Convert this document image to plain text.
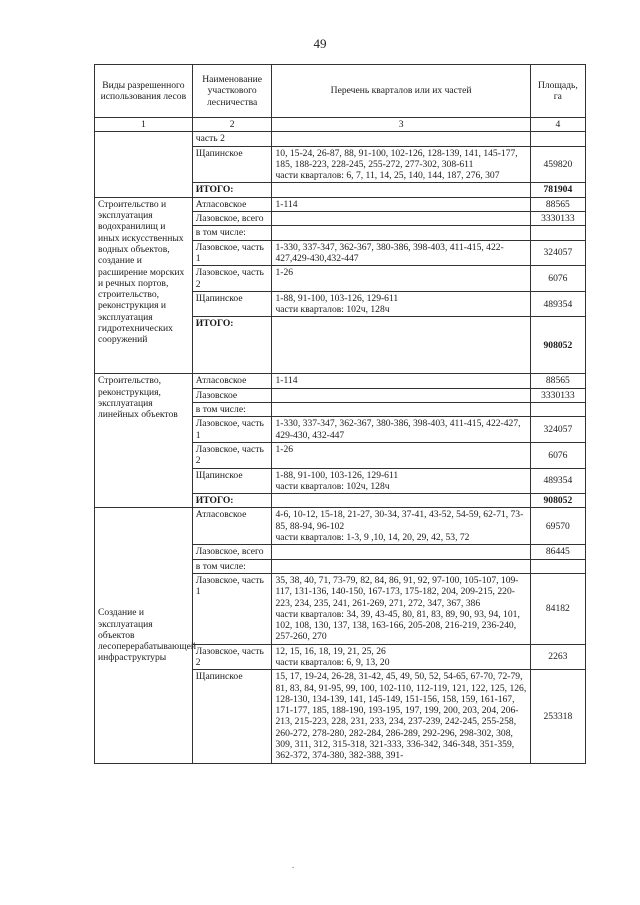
49
Виды разрешенного использования лесов	Наименование участкового лесничества	Перечень кварталов или их частей	Площадь, га
1	2	3	4
	часть 2		
	Щапинское	10, 15-24, 26-87, 88, 91-100, 102-126, 128-139, 141, 145-177, 185, 188-223, 228-245, 255-272, 277-302, 308-611
части кварталов: 6, 7, 11, 14, 25, 140, 144, 187, 276, 307	459820
	ИТОГО:		781904
Строительство и эксплуатация водохранилищ и иных искусственных водных объектов, создание и расширение морских и речных портов, строительство, реконструкция и эксплуатация гидротехнических сооружений	Атласовское	1-114	88565
	Лазовское, всего		3330133
	в том числе:		
	Лазовское, часть 1	1-330, 337-347, 362-367, 380-386, 398-403, 411-415, 422-427,429-430,432-447	324057
	Лазовское, часть 2	1-26	6076
	Щапинское	1-88, 91-100, 103-126, 129-611
части кварталов: 102ч, 128ч	489354
	ИТОГО:		908052
Строительство, реконструкция, эксплуатация линейных объектов	Атласовское	1-114	88565
	Лазовское		3330133
	в том числе:		
	Лазовское, часть 1	1-330, 337-347, 362-367, 380-386, 398-403, 411-415, 422-427, 429-430, 432-447	324057
	Лазовское, часть 2	1-26	6076
	Щапинское	1-88, 91-100, 103-126, 129-611
части кварталов: 102ч, 128ч	489354
	ИТОГО:		908052
Создание и эксплуатация объектов лесоперерабатывающей инфраструктуры	Атласовское	4-6, 10-12, 15-18, 21-27, 30-34, 37-41, 43-52, 54-59, 62-71, 73-85, 88-94, 96-102
части кварталов: 1-3, 9 ,10, 14, 20, 29, 42, 53, 72	69570
	Лазовское, всего		86445
	в том числе:		
	Лазовское, часть 1	35, 38, 40, 71, 73-79, 82, 84, 86, 91, 92, 97-100, 105-107, 109-117, 131-136, 140-150, 167-173, 175-182, 204, 209-215, 220-223, 234, 235, 241, 261-269, 271, 272, 347, 367, 386
части кварталов: 34, 39, 43-45, 80, 81, 83, 89, 90, 93, 94, 101, 102, 108, 130, 137, 138, 163-166, 205-208, 216-219, 236-240, 257-260, 270	84182
	Лазовское, часть 2	12, 15, 16, 18, 19, 21, 25, 26
части кварталов: 6, 9, 13, 20	2263
	Щапинское	15, 17, 19-24, 26-28, 31-42, 45, 49, 50, 52, 54-65, 67-70, 72-79, 81, 83, 84, 91-95, 99, 100, 102-110, 112-119, 121, 122, 125, 126, 128-130, 134-139, 141, 145-149, 151-156, 158, 159, 161-167, 171-177, 185, 188-190, 193-195, 197, 199, 200, 203, 204, 206-213, 215-223, 228, 231, 233, 234, 237-239, 242-245, 255-258, 260-272, 278-280, 282-284, 286-289, 292-296, 298-302, 308, 309, 311, 312, 315-318, 321-333, 336-342, 346-348, 351-359, 362-372, 374-380, 382-388, 391-	253318
.
